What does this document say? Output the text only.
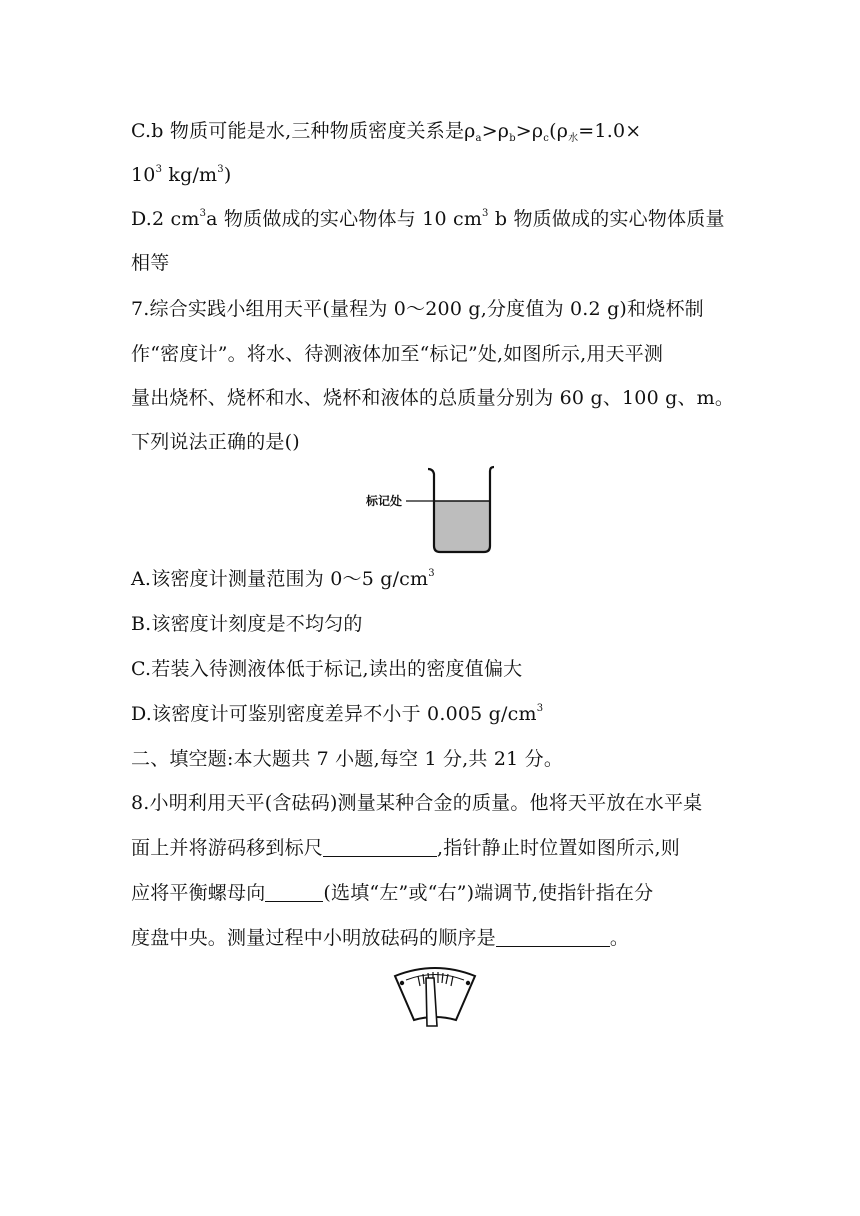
C.b 物质可能是水,三种物质密度关系是$\rho_a>\rho_b>\rho_c(\rho_水=1.0\times$
$10^3$ $kg/m^3$)
D.2 $cm^3a$ 物质做成的实心物体与 10 $cm^3$ b 物质做成的实心物体质量
相等
7.综合实践小组用天平(量程为 0～200 g,分度值为 0.2 g)和烧杯制
作“密度计”。将水、待测液体加至“标记”处,如图所示,用天平测
量出烧杯、烧杯和水、烧杯和液体的总质量分别为 60 g、100 g、m。
下列说法正确的是()
标记处
A.该密度计测量范围为 0～5 $g/cm^3$
B.该密度计刻度是不均匀的
C.若装入待测液体低于标记,读出的密度值偏大
D.该密度计可鉴别密度差异不小于 0.005 $g/cm^3$
二、填空题:本大题共 7 小题,每空 1 分,共 21 分。
8.小明利用天平(含砝码)测量某种合金的质量。他将天平放在水平桌
面上并将游码移到标尺	,指针静止时位置如图所示,则
应将平衡螺母向	(选填“左”或“右”)端调节,使指针指在分
度盘中央。测量过程中小明放砝码的顺序是	。
